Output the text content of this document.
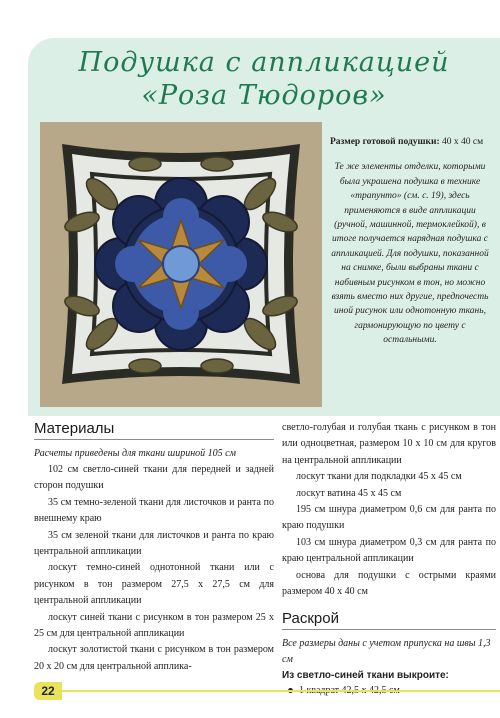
Подушка с аппликацией
«Роза Тюдоров»
Размер готовой подушки: 40 х 40 см
Те же элементы отделки, которыми была украшена подушка в технике «трапунто» (см. с. 19), здесь применяются в виде аппликации (ручной, машинной, термоклейкой), в итоге получается нарядная подушка с аппликацией. Для подушки, показанной на снимке, были выбраны ткани с набивным рисунком в тон, но можно взять вместо них другие, предпочесть иной рисунок или однотонную ткань, гармонирующую по цвету с остальными.
Материалы
Расчеты приведены для ткани шириной 105 см

102 см светло-синей ткани для передней и задней сторон подушки

35 см темно-зеленой ткани для листочков и ранта по внешнему краю

35 см зеленой ткани для листочков и ранта по краю центральной аппликации

лоскут темно-синей однотонной ткани или с рисунком в тон размером 27,5 х 27,5 см для центральной аппликации

лоскут синей ткани с рисунком в тон размером 25 х 25 см для центральной аппликации

лоскут золотистой ткани с рисунком в тон размером 20 х 20 см для центральной апплика-

светло-голубая и голубая ткань с рисунком в тон или одноцветная, размером 10 х 10 см для кругов на центральной аппликации

лоскут ткани для подкладки 45 х 45 см

лоскут ватина 45 х 45 см

195 см шнура диаметром 0,6 см для ранта по краю подушки

103 см шнура диаметром 0,3 см для ранта по краю центральной аппликации

основа для подушки с острыми краями размером 40 х 40 см

Раскрой
Все размеры даны с учетом припуска на швы 1,3 см
Из светло-синей ткани выкроите:
22
